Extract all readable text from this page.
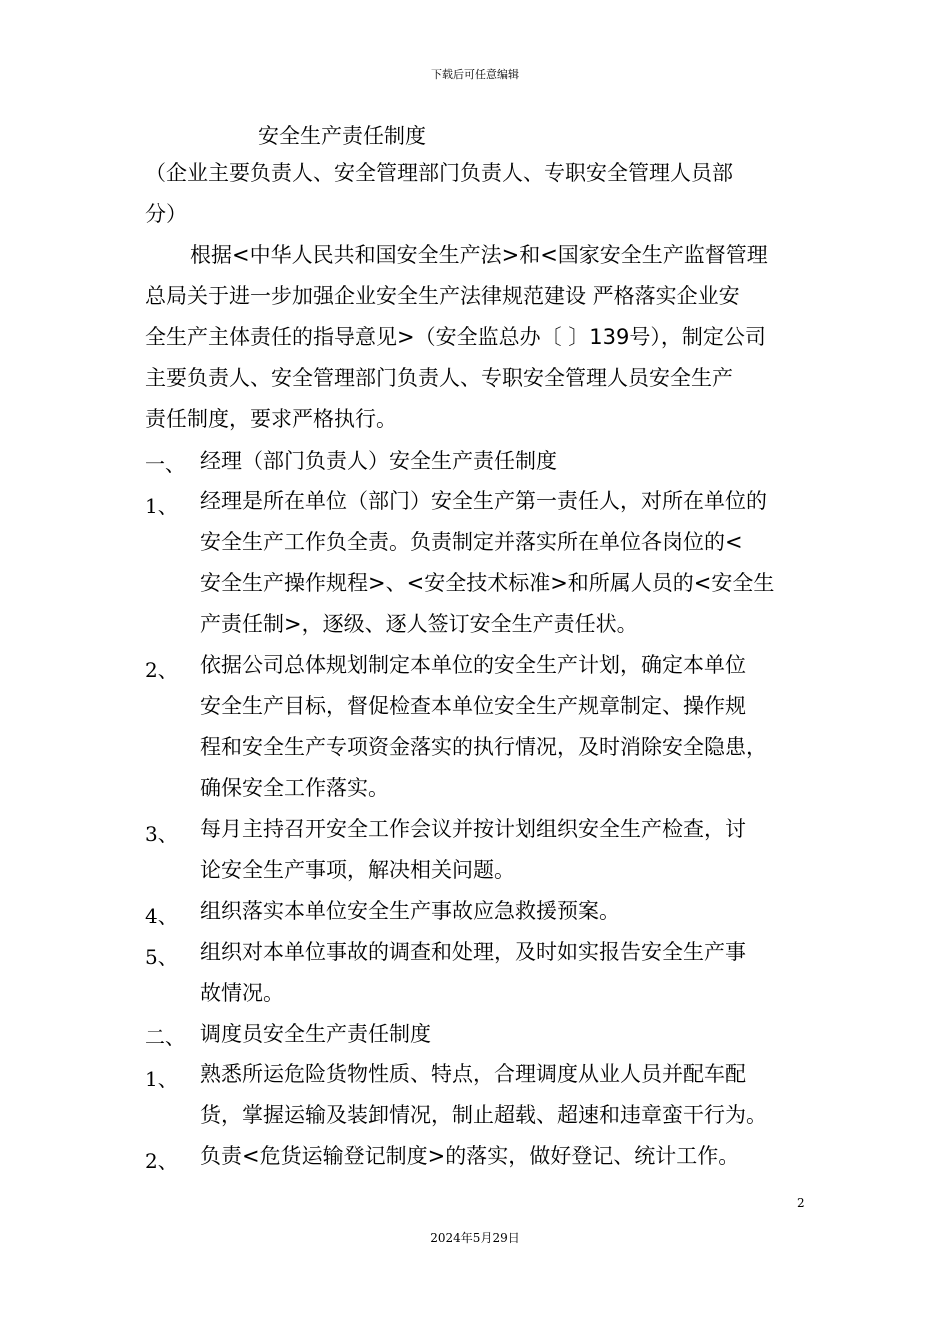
下载后可任意编辑
安全生产责任制度
（企业主要负责人、安全管理部门负责人、专职安全管理人员部
分）
根据<中华人民共和国安全生产法>和<国家安全生产监督管理
总局关于进一步加强企业安全生产法律规范建设 严格落实企业安
全生产主体责任的指导意见>（安全监总办〔 〕139号），制定公司
主要负责人、安全管理部门负责人、专职安全管理人员安全生产
责任制度，要求严格执行。
一、 经理（部门负责人）安全生产责任制度
1、 经理是所在单位（部门）安全生产第一责任人，对所在单位的
安全生产工作负全责。负责制定并落实所在单位各岗位的<
安全生产操作规程>、<安全技术标准>和所属人员的<安全生
产责任制>，逐级、逐人签订安全生产责任状。
2、 依据公司总体规划制定本单位的安全生产计划，确定本单位
安全生产目标，督促检查本单位安全生产规章制定、操作规
程和安全生产专项资金落实的执行情况，及时消除安全隐患，
确保安全工作落实。
3、 每月主持召开安全工作会议并按计划组织安全生产检查，讨
论安全生产事项，解决相关问题。
4、 组织落实本单位安全生产事故应急救援预案。
5、 组织对本单位事故的调查和处理，及时如实报告安全生产事
故情况。
二、 调度员安全生产责任制度
1、 熟悉所运危险货物性质、特点，合理调度从业人员并配车配
货，掌握运输及装卸情况，制止超载、超速和违章蛮干行为。
2、 负责<危货运输登记制度>的落实，做好登记、统计工作。
2
2024年5月29日
